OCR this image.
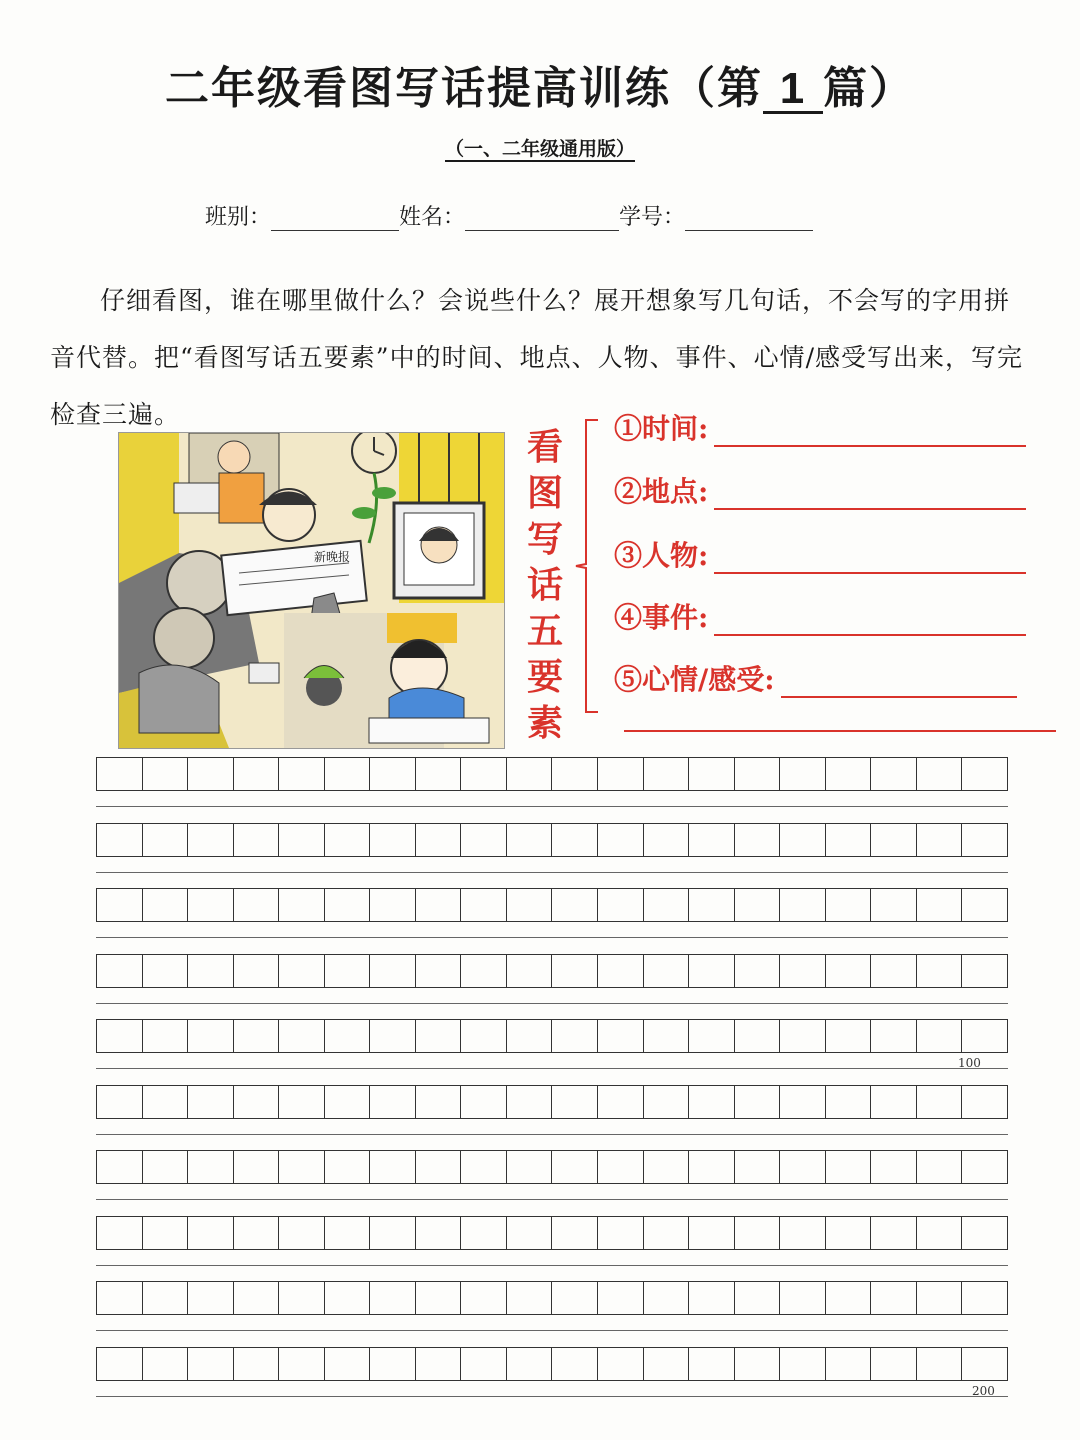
二年级看图写话提高训练（第 1 篇）
（一、二年级通用版）
班别：	姓名：	学号：
仔细看图，谁在哪里做什么？会说些什么？展开想象写几句话，不会写的字用拼音代替。把“看图写话五要素”中的时间、地点、人物、事件、心情/感受写出来，写完检查三遍。
新晚报
看
图
写
话
五
要
素
①时间:
②地点:
③人物:
④事件:
⑤心情/感受:
100
200
